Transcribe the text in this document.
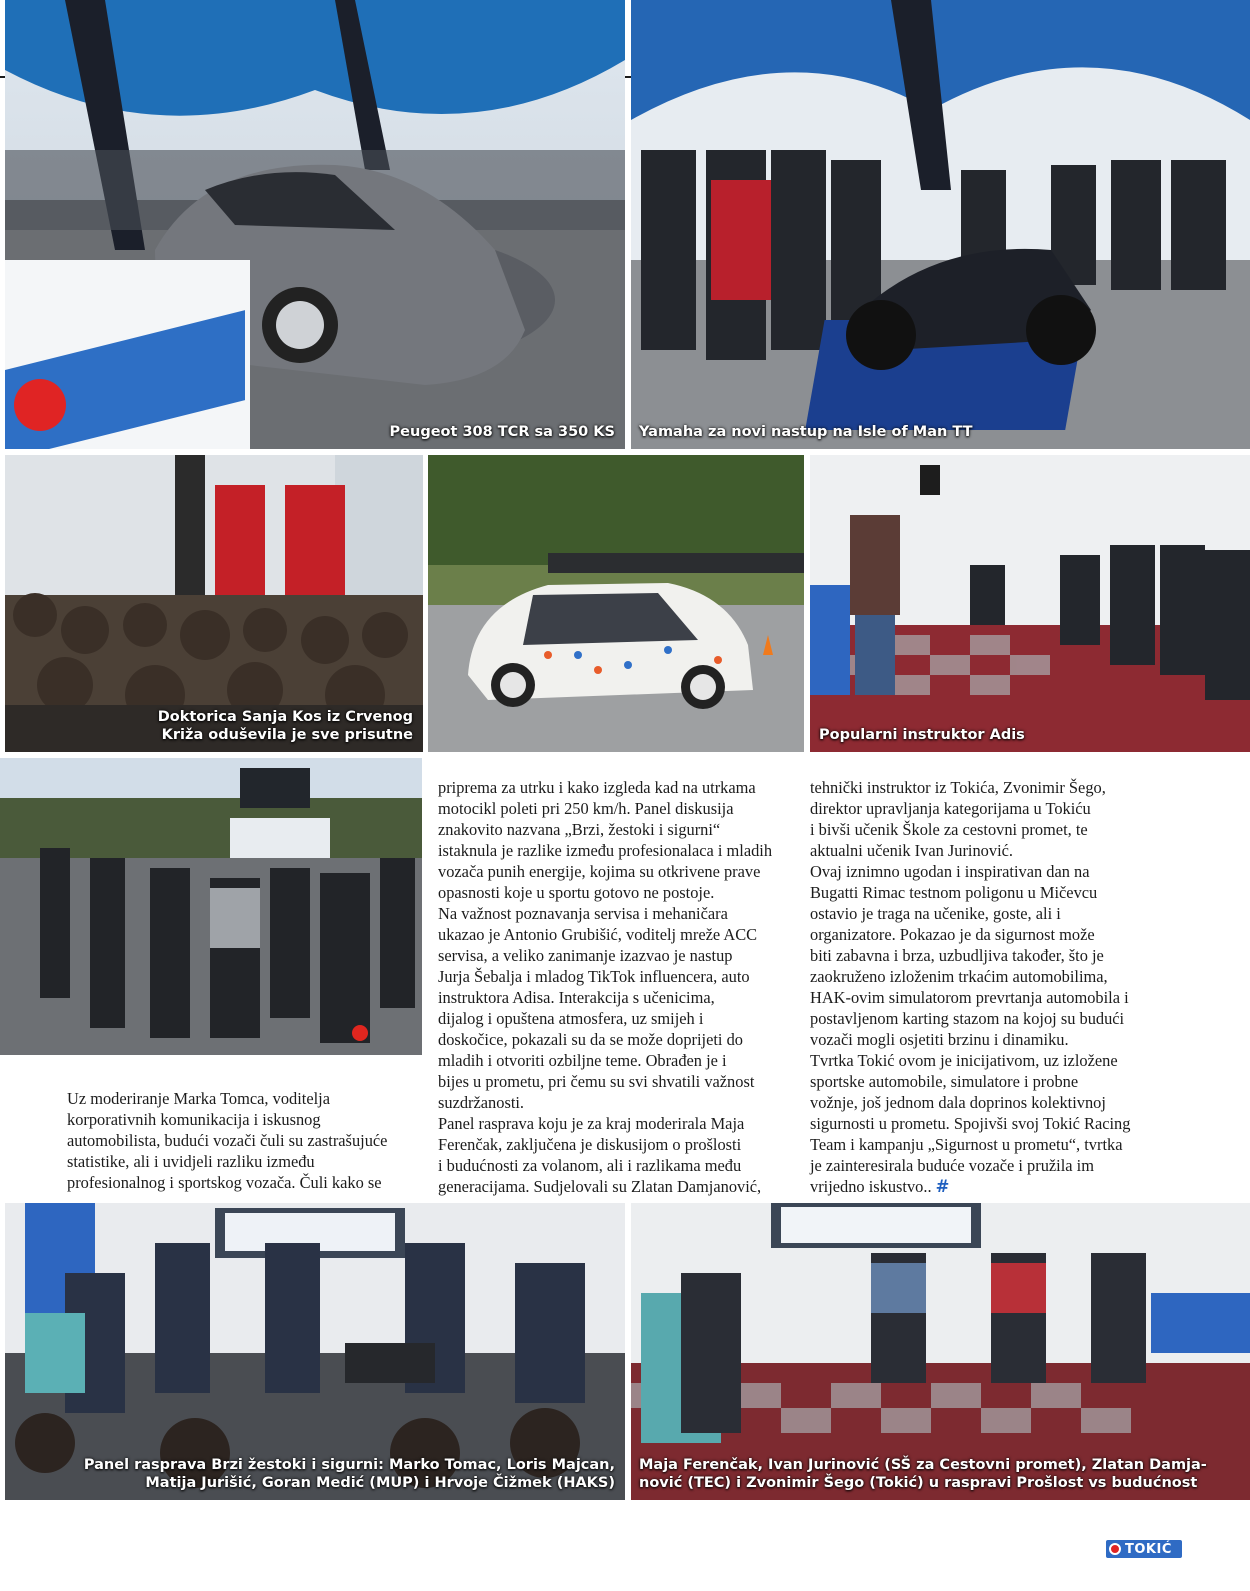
Peugeot 308 TCR sa 350 KS Yamaha za novi nastup na Isle of Man TT
Doktorica Sanja Kos iz Crvenog
Križa oduševila je sve prisutne	Popularni instruktor Adis

Uz moderiranje Marka Tomca, voditelja

korporativnih komunikacija i iskusnog

automobilista, budući vozači čuli su zastrašujuće

statistike, ali i uvidjeli razliku između

profesionalnog i sportskog vozača. Čuli kako se

priprema za utrku i kako izgleda kad na utrkama

motocikl poleti pri 250 km/h. Panel diskusija

znakovito nazvana „Brzi, žestoki i sigurni“

istaknula je razlike između profesionalaca i mladih

vozača punih energije, kojima su otkrivene prave

opasnosti koje u sportu gotovo ne postoje.

Na važnost poznavanja servisa i mehaničara

ukazao je Antonio Grubišić, voditelj mreže ACC

servisa, a veliko zanimanje izazvao je nastup

Jurja Šebalja i mladog TikTok influencera, auto

instruktora Adisa. Interakcija s učenicima,

dijalog i opuštena atmosfera, uz smijeh i

doskočice, pokazali su da se može doprijeti do

mladih i otvoriti ozbiljne teme. Obrađen je i

bijes u prometu, pri čemu su svi shvatili važnost

suzdržanosti.

Panel rasprava koju je za kraj moderirala Maja

Ferenčak, zaključena je diskusijom o prošlosti

i budućnosti za volanom, ali i razlikama među

generacijama. Sudjelovali su Zlatan Damjanović,

tehnički instruktor iz Tokića, Zvonimir Šego,

direktor upravljanja kategorijama u Tokiću

i bivši učenik Škole za cestovni promet, te

aktualni učenik Ivan Jurinović.

Ovaj iznimno ugodan i inspirativan dan na

Bugatti Rimac testnom poligonu u Mičevcu

ostavio je traga na učenike, goste, ali i

organizatore. Pokazao je da sigurnost može

biti zabavna i brza, uzbudljiva također, što je

zaokruženo izloženim trkaćim automobilima,

HAK-ovim simulatorom prevrtanja automobila i

postavljenom karting stazom na kojoj su budući

vozači mogli osjetiti brzinu i dinamiku.

Tvrtka Tokić ovom je inicijativom, uz izložene

sportske automobile, simulatore i probne

vožnje, još jednom dala doprinos kolektivnoj

sigurnosti u prometu. Spojivši svoj Tokić Racing

Team i kampanju „Sigurnost u prometu“, tvrtka

je zainteresirala buduće vozače i pružila im

vrijedno iskustvo.. #

Panel rasprava Brzi žestoki i sigurni: Marko Tomac, Loris Majcan,
Matija Jurišić, Goran Medić (MUP) i Hrvoje Čižmek (HAKS)
Maja Ferenčak, Ivan Jurinović (SŠ za Cestovni promet), Zlatan Damja-
nović (TEC) i Zvonimir Šego (Tokić) u raspravi Prošlost vs budućnost
TOKIĆ
